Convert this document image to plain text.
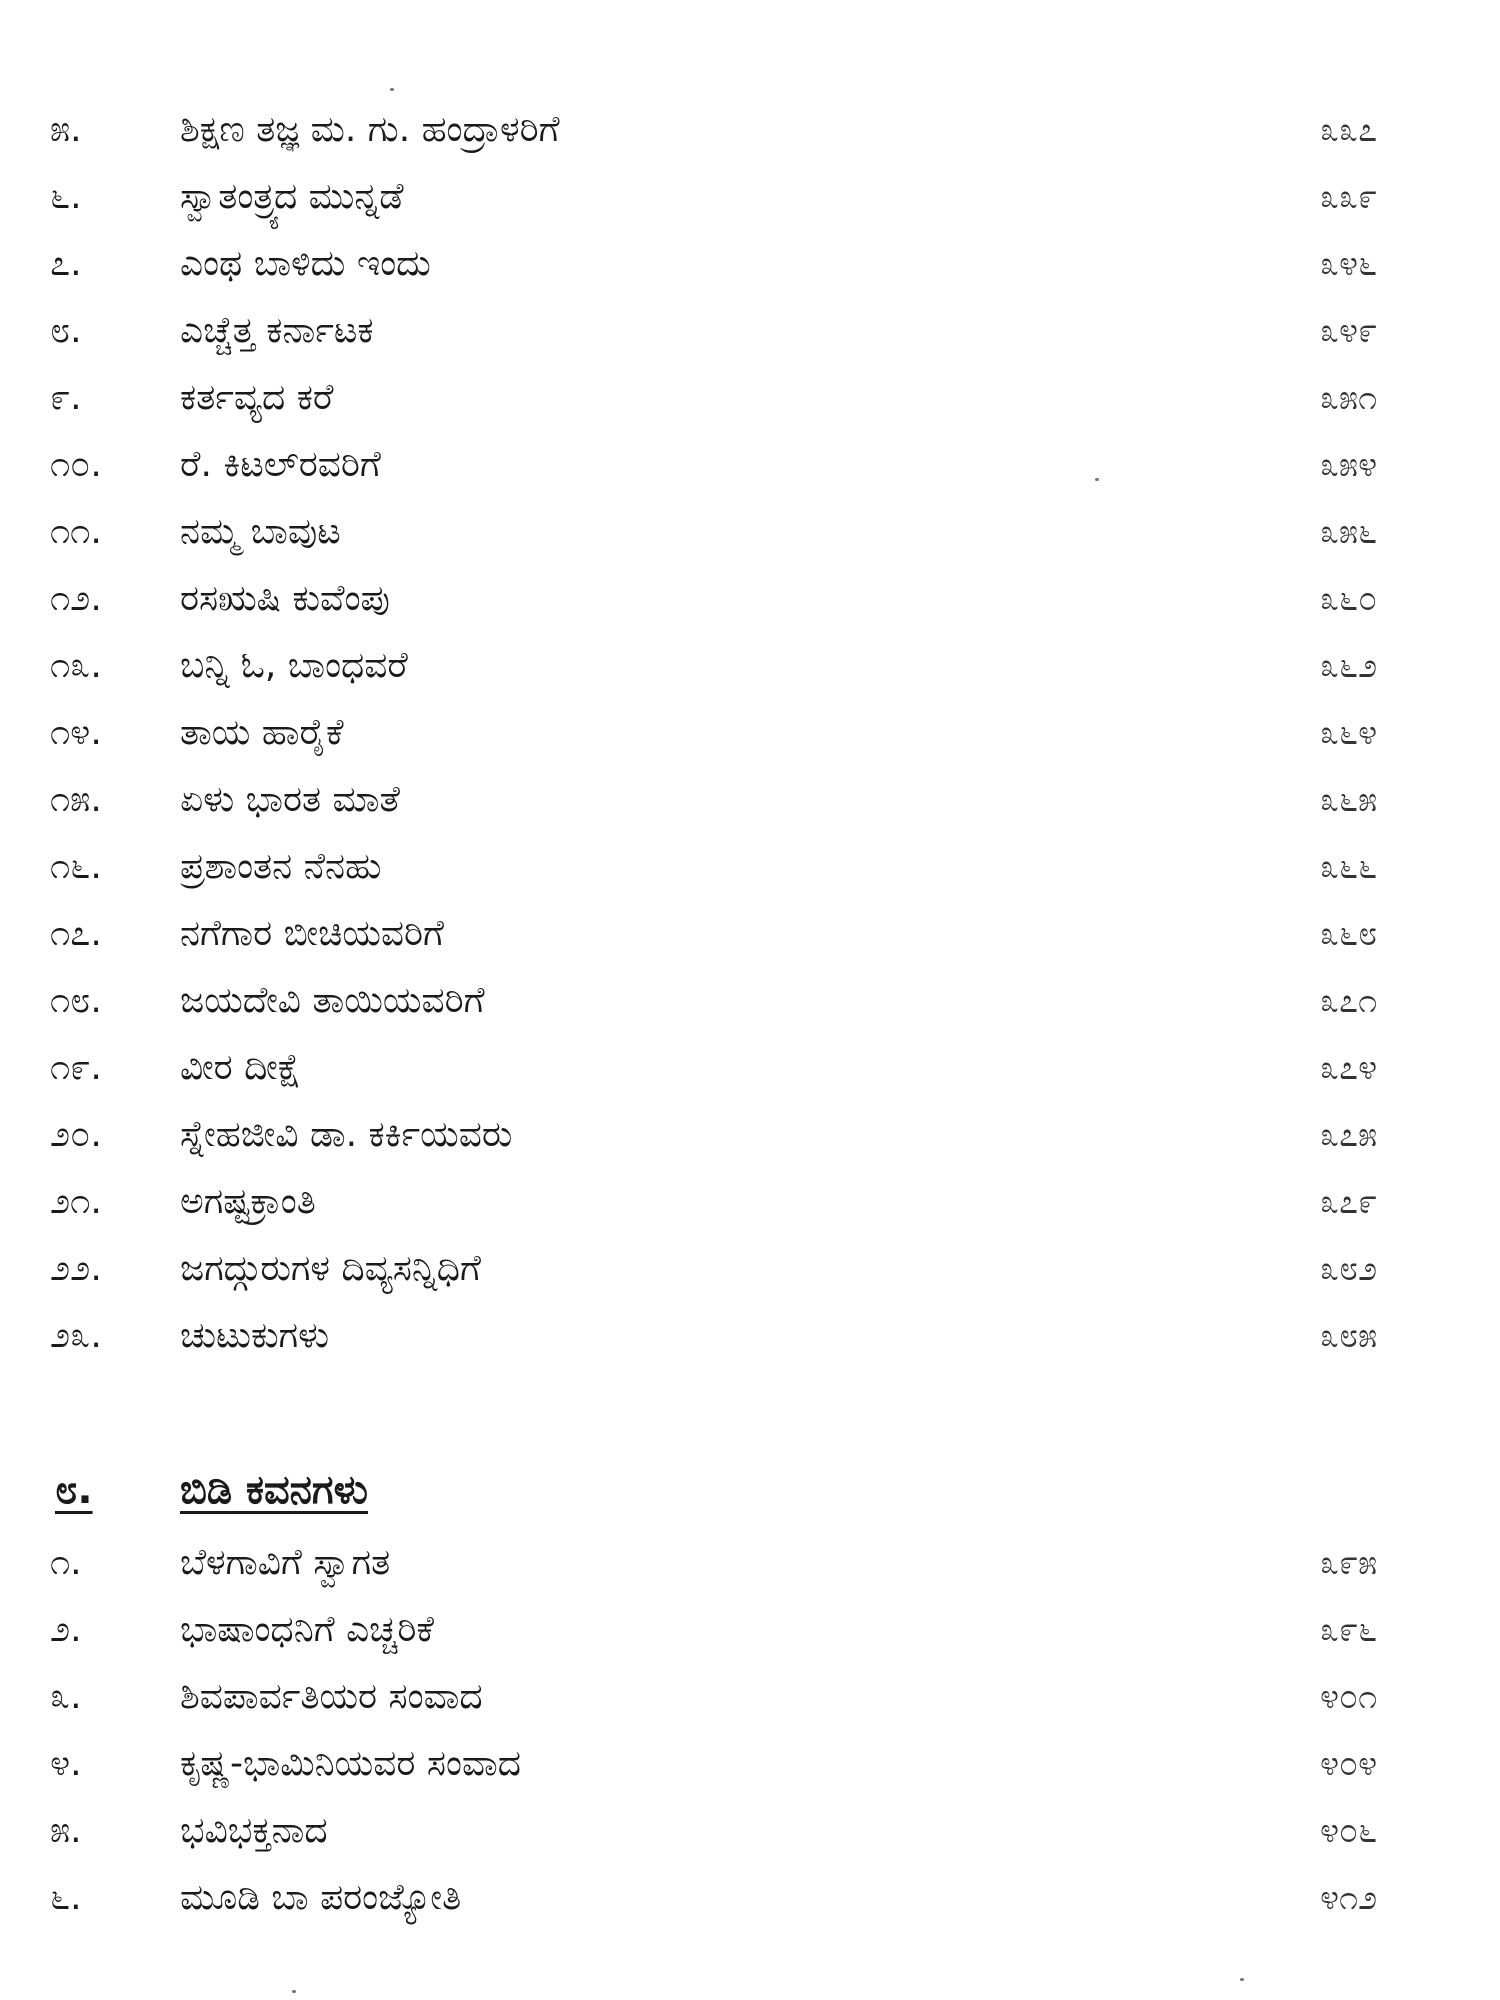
೫.	ಶಿಕ್ಷಣ ತಜ್ಞ ಮ. ಗು. ಹಂದ್ರಾಳರಿಗೆ	೩೩೭
೬.	ಸ್ವಾತಂತ್ರ್ಯದ ಮುನ್ನಡೆ	೩೩೯
೭.	ಎಂಥ ಬಾಳಿದು ಇಂದು	೩೪೬
೮.	ಎಚ್ಚೆತ್ತ ಕರ್ನಾಟಕ	೩೪೯
೯.	ಕರ್ತವ್ಯದ ಕರೆ	೩೫೧
೧೦.	ರೆ. ಕಿಟಲ್‌ರವರಿಗೆ	೩೫೪
೧೧.	ನಮ್ಮ ಬಾವುಟ	೩೫೬
೧೨.	ರಸಋಷಿ ಕುವೆಂಪು	೩೬೦
೧೩.	ಬನ್ನಿ ಓ, ಬಾಂಧವರೆ	೩೬೨
೧೪.	ತಾಯ ಹಾರೈಕೆ	೩೬೪
೧೫.	ಏಳು ಭಾರತ ಮಾತೆ	೩೬೫
೧೬.	ಪ್ರಶಾಂತನ ನೆನಹು	೩೬೬
೧೭.	ನಗೆಗಾರ ಬೀಚಿಯವರಿಗೆ	೩೬೮
೧೮.	ಜಯದೇವಿ ತಾಯಿಯವರಿಗೆ	೩೭೧
೧೯.	ವೀರ ದೀಕ್ಷೆ	೩೭೪
೨೦.	ಸ್ನೇಹಜೀವಿ ಡಾ. ಕರ್ಕಿಯವರು	೩೭೫
೨೧.	ಅಗಷ್ಟಕ್ರಾಂತಿ	೩೭೯
೨೨.	ಜಗದ್ಗುರುಗಳ ದಿವ್ಯಸನ್ನಿಧಿಗೆ	೩೮೨
೨೩.	ಚುಟುಕುಗಳು	೩೮೫
೮. ಬಿಡಿ ಕವನಗಳು
೧.	ಬೆಳಗಾವಿಗೆ ಸ್ವಾಗತ	೩೯೫
೨.	ಭಾಷಾಂಧನಿಗೆ ಎಚ್ಚರಿಕೆ	೩೯೬
೩.	ಶಿವಪಾರ್ವತಿಯರ ಸಂವಾದ	೪೦೧
೪.	ಕೃಷ್ಣ-ಭಾಮಿನಿಯವರ ಸಂವಾದ	೪೦೪
೫.	ಭವಿಭಕ್ತನಾದ	೪೦೬
೬.	ಮೂಡಿ ಬಾ ಪರಂಜ್ಯೋತಿ	೪೧೨
